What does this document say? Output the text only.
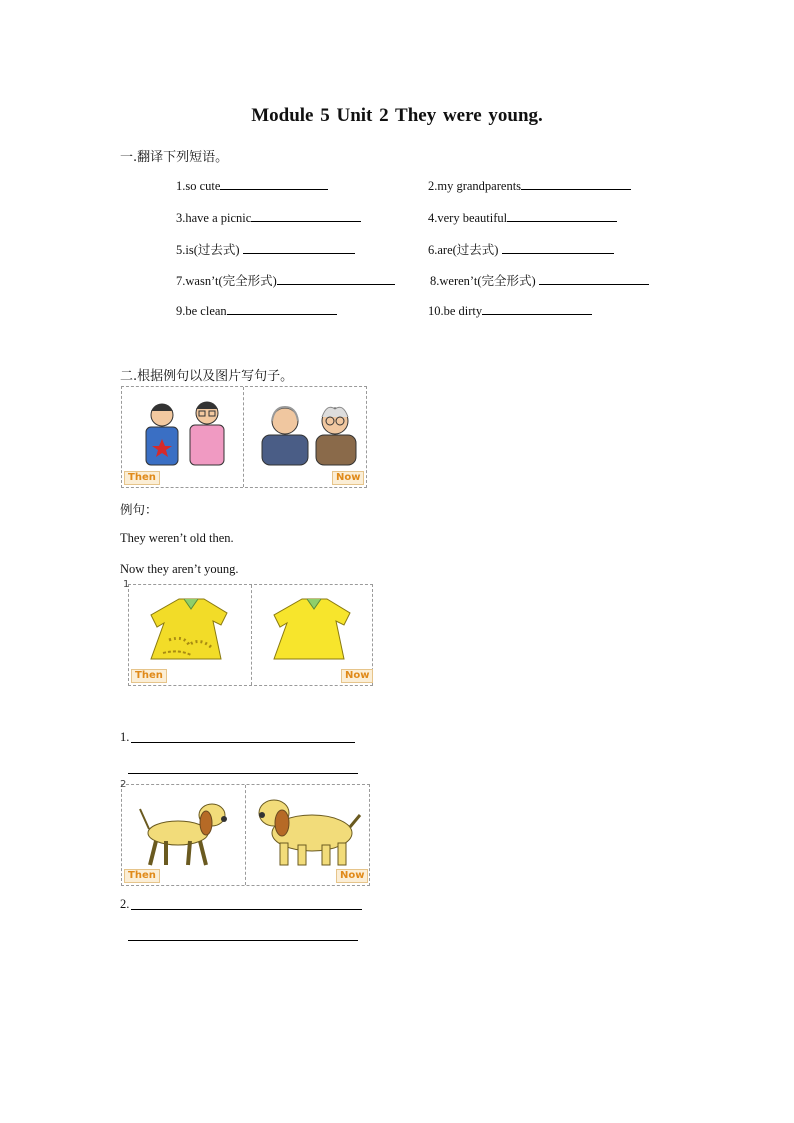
Module 5 Unit 2 They were young.
一.翻译下列短语。
1.so cute	2.my grandparents
3.have a picnic	4.very beautiful
5.is(过去式)	6.are(过去式)
7.wasn’t(完全形式)	8.weren’t(完全形式)
9.be clean	10.be dirty
二.根据例句以及图片写句子。
Then	Now
例句：
They weren’t old then.
Now they aren’t young.
1
Then	Now
1.
2
Then	Now
2.
